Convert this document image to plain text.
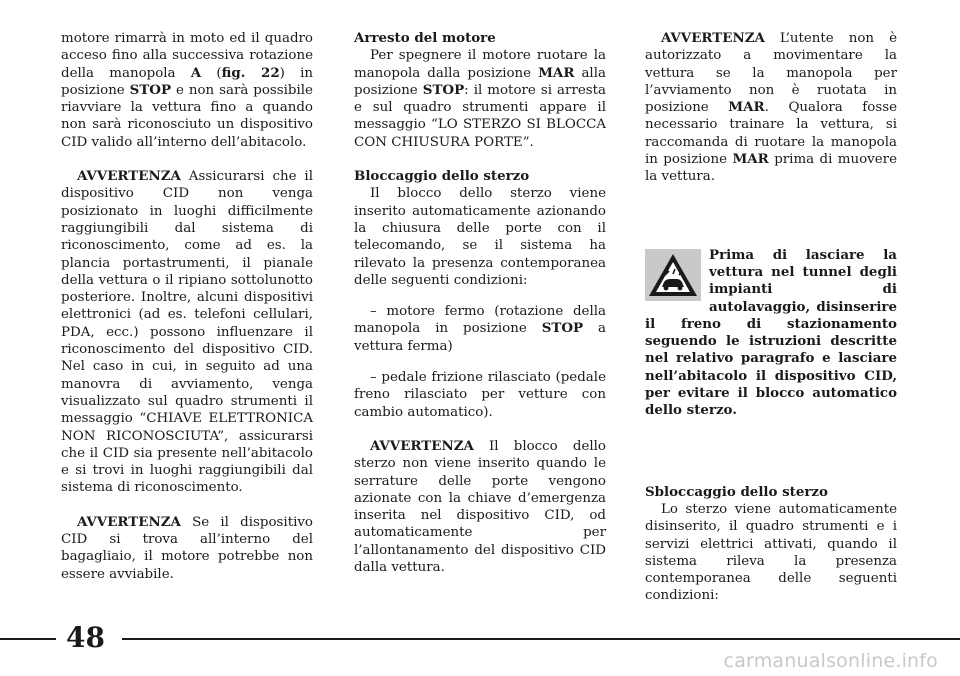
motore rimarrà in moto ed il quadro acceso fino alla successiva rotazione della manopola A (fig. 22) in posizione STOP e non sarà possibile riavviare la vettura fino a quando non sarà riconosciuto un dispositivo CID valido all’interno dell’abitacolo.

AVVERTENZA Assicurarsi che il dispositivo CID non venga posizionato in luoghi difficilmente raggiungibili dal sistema di riconoscimento, come ad es. la plancia portastrumenti, il pianale della vettura o il ripiano sottolunotto posteriore. Inoltre, alcuni dispositivi elettronici (ad es. telefoni cellulari, PDA, ecc.) possono influenzare il riconoscimento del dispositivo CID. Nel caso in cui, in seguito ad una manovra di avviamento, venga visualizzato sul quadro strumenti il messaggio “CHIAVE ELETTRONICA NON RICONOSCIUTA”, assicurarsi che il CID sia presente nell’abitacolo e si trovi in luoghi raggiungibili dal sistema di riconoscimento.

AVVERTENZA Se il dispositivo CID si trova all’interno del bagagliaio, il motore potrebbe non essere avviabile.

Arresto del motore

Per spegnere il motore ruotare la manopola dalla posizione MAR alla posizione STOP: il motore si arresta e sul quadro strumenti appare il messaggio “LO STERZO SI BLOCCA CON CHIUSURA PORTE”.

Bloccaggio dello sterzo

Il blocco dello sterzo viene inserito automaticamente azionando la chiusura delle porte con il telecomando, se il sistema ha rilevato la presenza contemporanea delle seguenti condizioni:

– motore fermo (rotazione della manopola in posizione STOP a vettura ferma)

– pedale frizione rilasciato (pedale freno rilasciato per vetture con cambio automatico).

AVVERTENZA Il blocco dello sterzo non viene inserito quando le serrature delle porte vengono azionate con la chiave d’emergenza inserita nel dispositivo CID, od automaticamente per l’allontanamento del dispositivo CID dalla vettura.

AVVERTENZA L’utente non è autorizzato a movimentare la vettura se la manopola per l’avviamento non è ruotata in posizione MAR. Qualora fosse necessario trainare la vettura, si raccomanda di ruotare la manopola in posizione MAR prima di muovere la vettura.

Prima di lasciare la vettura nel tunnel degli impianti di autolavaggio, disinserire il freno di stazionamento seguendo le istruzioni descritte nel relativo paragrafo e lasciare nell’abitacolo il dispositivo CID, per evitare il blocco automatico dello sterzo.

Sbloccaggio dello sterzo

Lo sterzo viene automaticamente disinserito, il quadro strumenti e i servizi elettrici attivati, quando il sistema rileva la presenza contemporanea delle seguenti condizioni:

48
carmanualsonline.info
